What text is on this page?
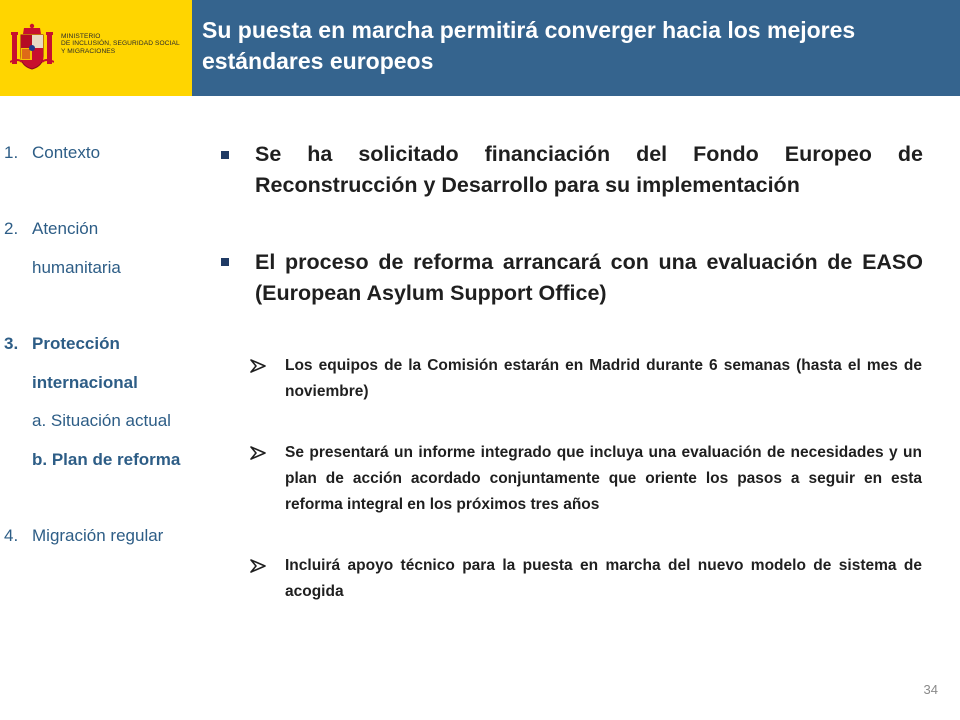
MINISTERIO
DE INCLUSIÓN, SEGURIDAD SOCIAL
Y MIGRACIONES
Su puesta en marcha permitirá converger hacia los mejores estándares europeos
1. Contexto
2. Atención
humanitaria
3. Protección
internacional
a. Situación actual
b. Plan de reforma
4. Migración regular
Se ha solicitado financiación del Fondo Europeo de Reconstrucción y Desarrollo para su implementación
El proceso de reforma arrancará con una evaluación de EASO (European Asylum Support Office)
Los equipos de la Comisión estarán en Madrid durante 6 semanas (hasta el mes de noviembre)
Se presentará un informe integrado que incluya una evaluación de necesidades y un plan de acción acordado conjuntamente que oriente los pasos a seguir en esta reforma integral en los próximos tres años
Incluirá apoyo técnico para la puesta en marcha del nuevo modelo de sistema de acogida
34
